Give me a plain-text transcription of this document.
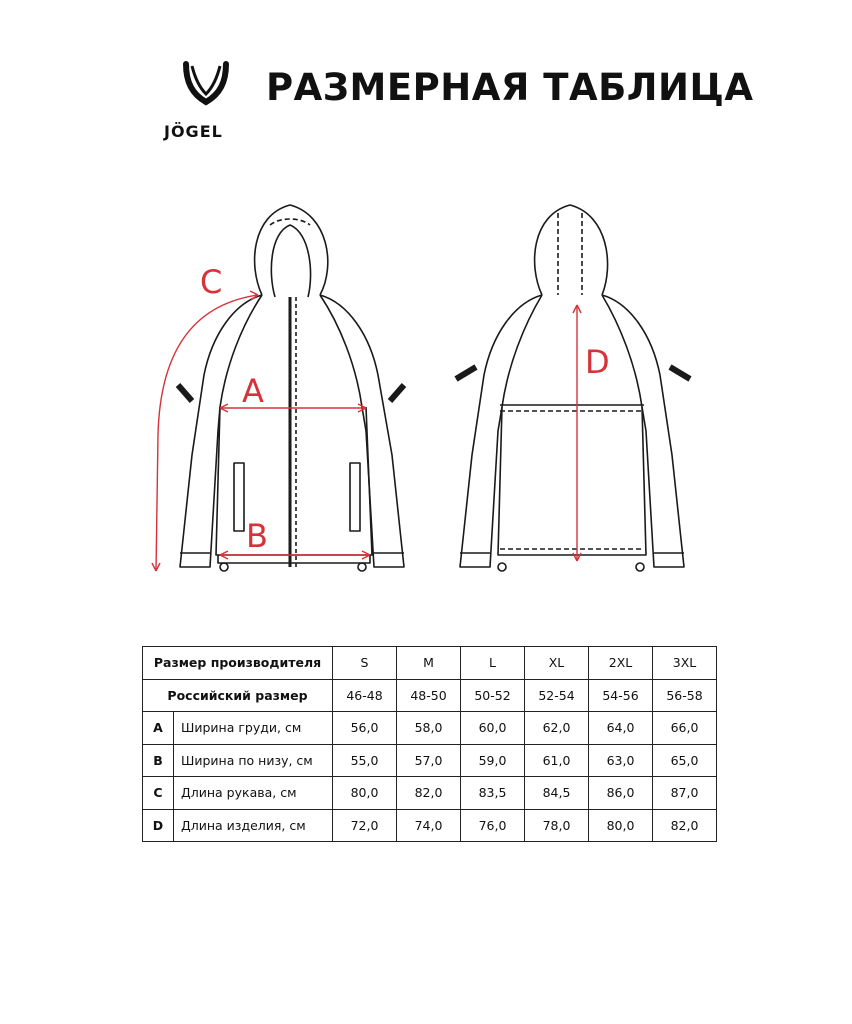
JÖGEL
РАЗМЕРНАЯ ТАБЛИЦА
C
A
B
D
Размер производителя		S	M	L	XL	2XL	3XL
Российский размер		46-48	48-50	50-52	52-54	54-56	56-58
A	Ширина груди, см	56,0	58,0	60,0	62,0	64,0	66,0
B	Ширина по низу, см	55,0	57,0	59,0	61,0	63,0	65,0
C	Длина рукава, см	80,0	82,0	83,5	84,5	86,0	87,0
D	Длина изделия, см	72,0	74,0	76,0	78,0	80,0	82,0
